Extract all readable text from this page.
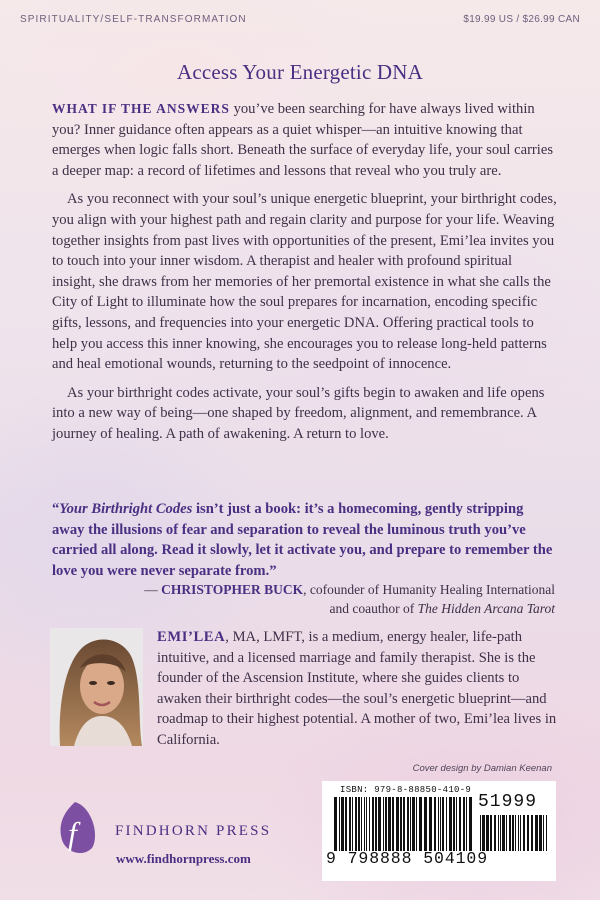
SPIRITUALITY/SELF-TRANSFORMATION	$19.99 US / $26.99 CAN
Access Your Energetic DNA

WHAT IF THE ANSWERS you’ve been searching for have always lived within you? Inner guidance often appears as a quiet whisper—an intuitive knowing that emerges when logic falls short. Beneath the surface of everyday life, your soul carries a deeper map: a record of lifetimes and lessons that reveal who you truly are.

As you reconnect with your soul’s unique energetic blueprint, your birthright codes, you align with your highest path and regain clarity and purpose for your life. Weaving together insights from past lives with opportunities of the present, Emi’lea invites you to touch into your inner wisdom. A therapist and healer with profound spiritual insight, she draws from her memories of her premortal existence in what she calls the City of Light to illuminate how the soul prepares for incarnation, encoding specific gifts, lessons, and frequencies into your energetic DNA. Offering practical tools to help you access this inner knowing, she encourages you to release long-held patterns and heal emotional wounds, returning to the seedpoint of innocence.

As your birthright codes activate, your soul’s gifts begin to awaken and life opens into a new way of being—one shaped by freedom, alignment, and remembrance. A journey of healing. A path of awakening. A return to love.

“Your Birthright Codes isn’t just a book: it’s a homecoming, gently stripping away the illusions of fear and separation to reveal the luminous truth you’ve carried all along. Read it slowly, let it activate you, and prepare to remember the love you were never separate from.”
— CHRISTOPHER BUCK, cofounder of Humanity Healing International
and coauthor of The Hidden Arcana Tarot
EMI’LEA, MA, LMFT, is a medium, energy healer, life-path intuitive, and a licensed marriage and family therapist. She is the founder of the Ascension Institute, where she guides clients to awaken their birthright codes—the soul’s energetic blueprint—and roadmap to their highest potential. A mother of two, Emi’lea lives in California.
Cover design by Damian Keenan
f	FINDHORN PRESS
www.findhornpress.com
ISBN: 979-8-88850-410-9
51999
9 798888 504109
